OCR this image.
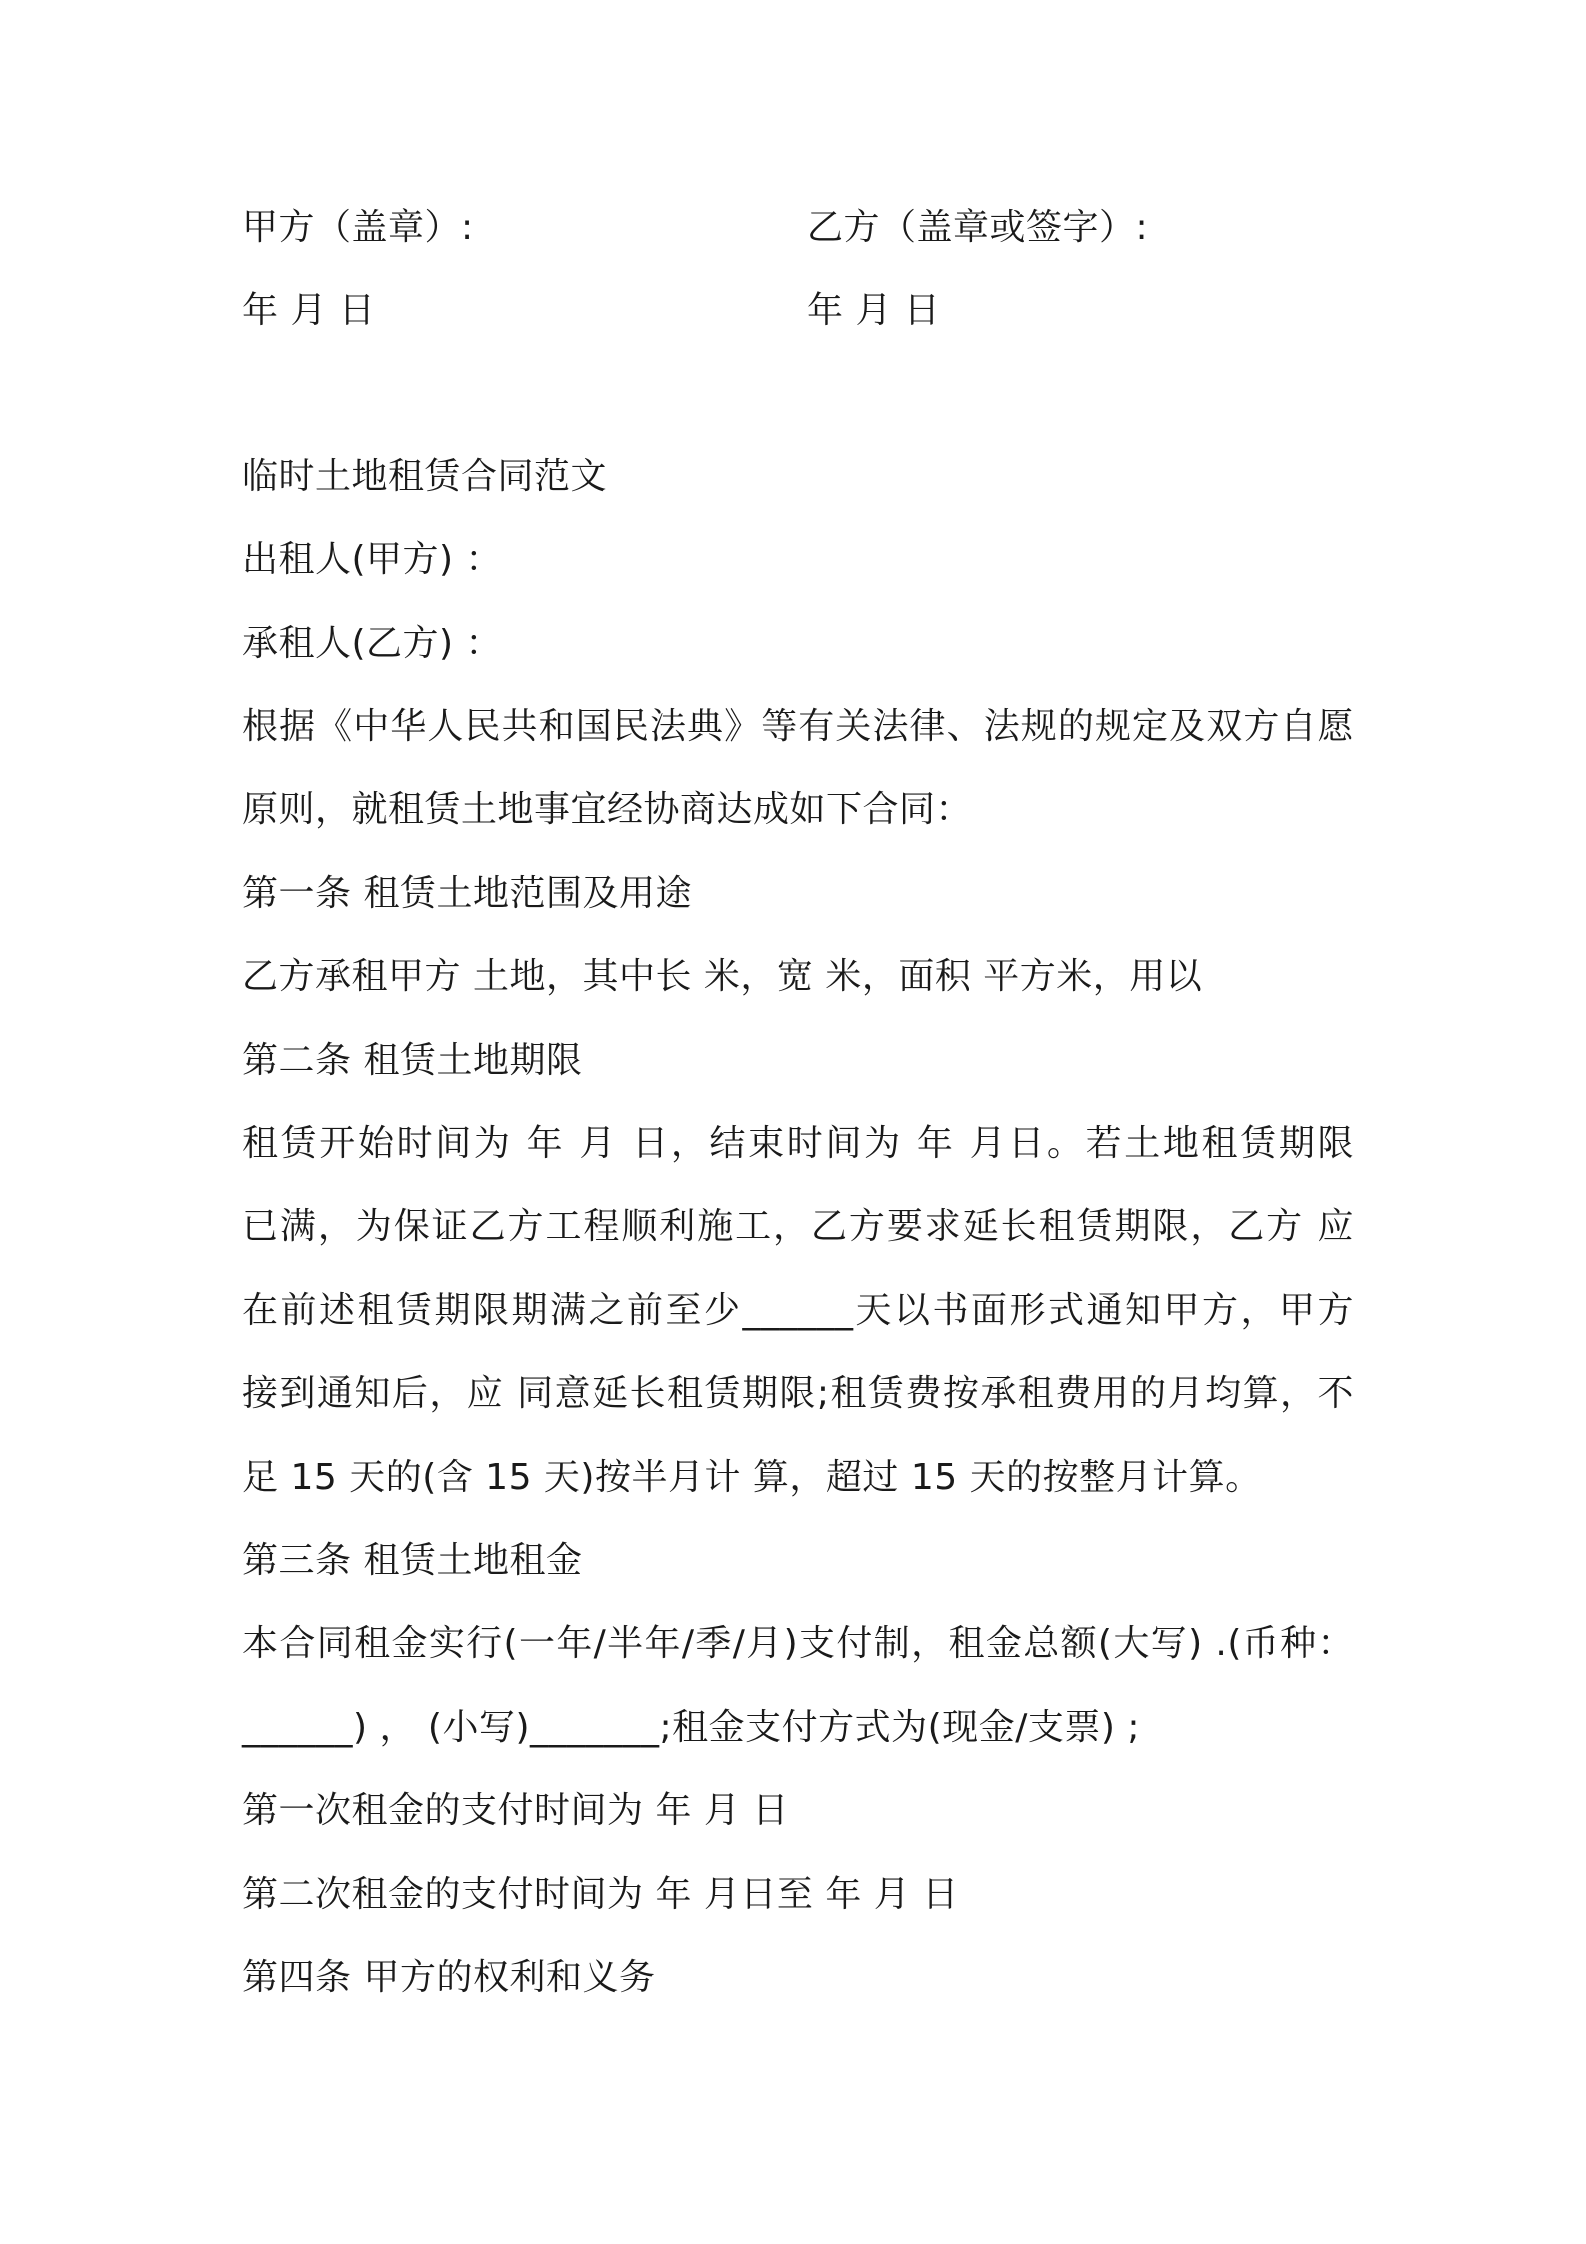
甲方（盖章）:	乙方（盖章或签字）:
年 月 日	年 月 日
临时土地租赁合同范文
出租人(甲方) ：
承租人(乙方) ：
根据《中华人民共和国民法典》等有关法律、法规的规定及双方自愿
原则，就租赁土地事宜经协商达成如下合同：
第一条 租赁土地范围及用途
乙方承租甲方 土地，其中长 米，宽 米，面积 平方米，用以
第二条 租赁土地期限
租赁开始时间为 年 月 日，结束时间为 年 月日。若土地租赁期限
已满，为保证乙方工程顺利施工，乙方要求延长租赁期限，乙方 应
在前述租赁期限期满之前至少______天以书面形式通知甲方，甲方
接到通知后，应 同意延长租赁期限;租赁费按承租费用的月均算，不
足 15 天的(含 15 天)按半月计 算，超过 15 天的按整月计算。
第三条 租赁土地租金
本合同租金实行(一年/半年/季/月)支付制，租金总额(大写) .(币种：
______) ， (小写)_______;租金支付方式为(现金/支票) ;
第一次租金的支付时间为 年 月 日
第二次租金的支付时间为 年 月日至 年 月 日
第四条 甲方的权利和义务
